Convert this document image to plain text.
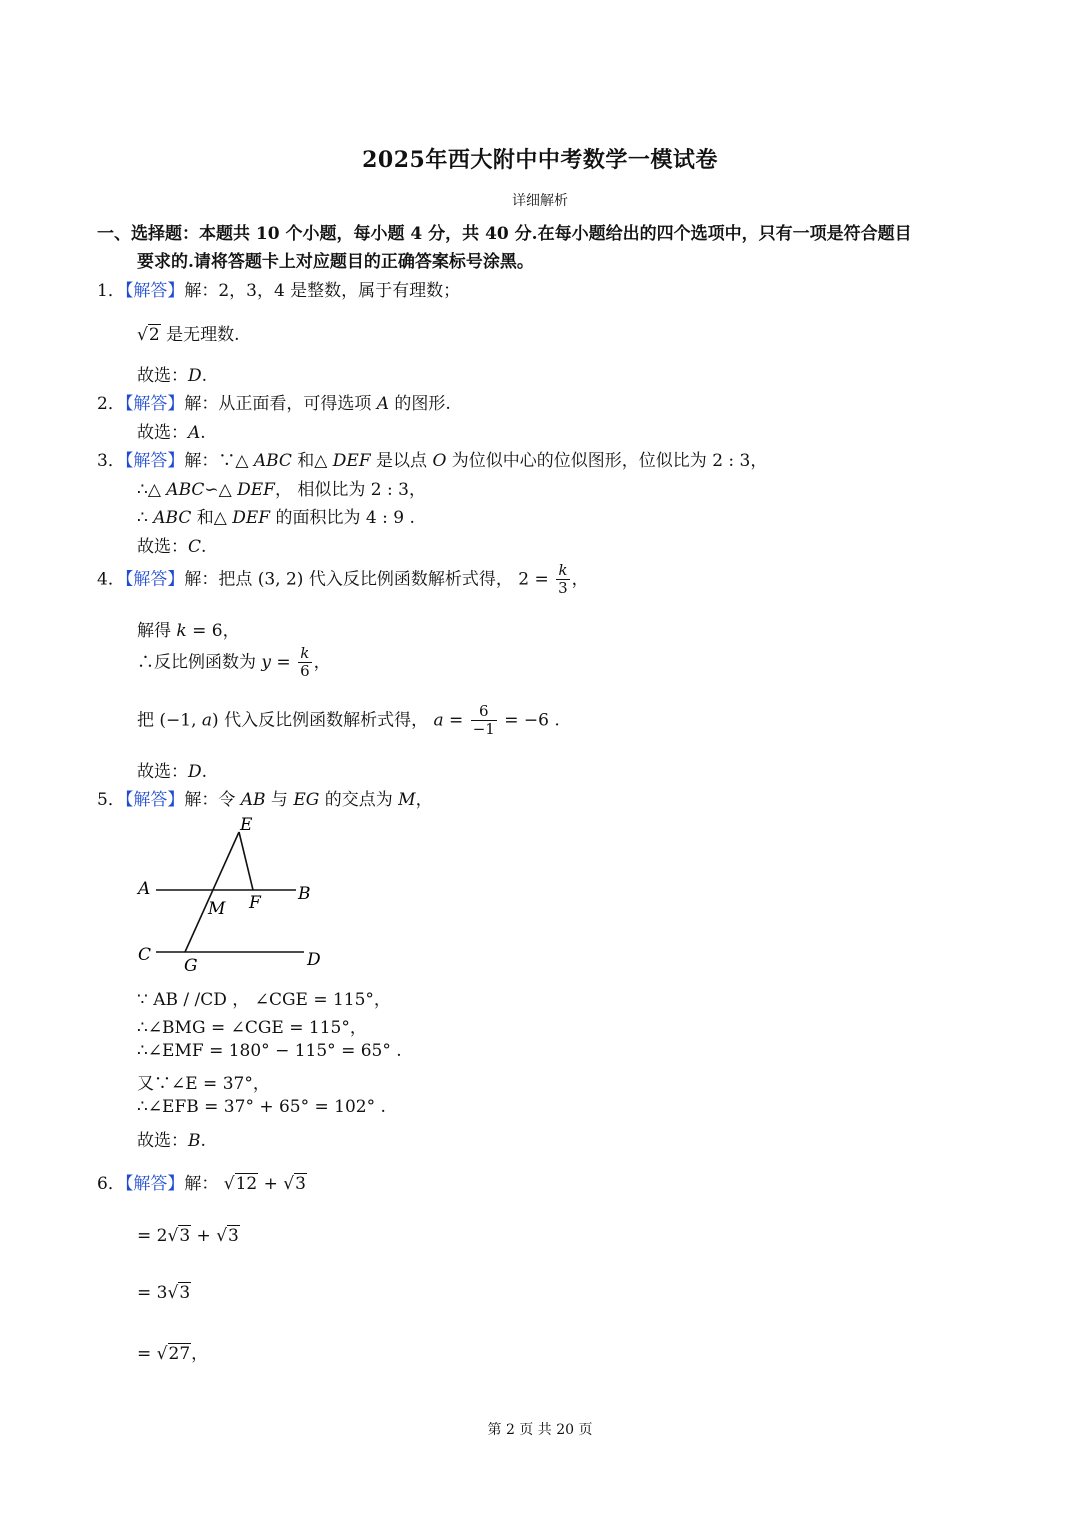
2025年西大附中中考数学一模试卷
详细解析
一、选择题：本题共 10 个小题，每小题 4 分，共 40 分.在每小题给出的四个选项中，只有一项是符合题目
要求的.请将答题卡上对应题目的正确答案标号涂黑。
1．【解答】解：2，3，4 是整数，属于有理数；
√2 是无理数.
故选：D.
2．【解答】解：从正面看，可得选项 A 的图形.
故选：A.
3．【解答】解：∵△ ABC 和△ DEF 是以点 O 为位似中心的位似图形，位似比为 2 : 3，
∴△ ABC∽△ DEF， 相似比为 2 : 3，
∴ ABC 和△ DEF 的面积比为 4 : 9 .
故选：C.
4．【解答】解：把点 (3, 2) 代入反比例函数解析式得， $2 = \frac{k}{3}$ ，
解得 k = 6，
∴反比例函数为 $y = \frac{k}{6}$ ，
把 (−1, a) 代入反比例函数解析式得， $a = \frac{6}{-1} = -6$ .
故选：D.
5．【解答】解：令 AB 与 EG 的交点为 M，
E
A	B
M F
C
G	D
∵ AB / /CD ， ∠CGE = 115°，
∴∠BMG = ∠CGE = 115°，
∴∠EMF = 180° − 115° = 65° .
又∵∠E = 37°，
∴∠EFB = 37° + 65° = 102° .
故选：B.
6．【解答】解： √12 + √3
= 2√3 + √3
= 3√3
= √27，
第 2 页 共 20 页
